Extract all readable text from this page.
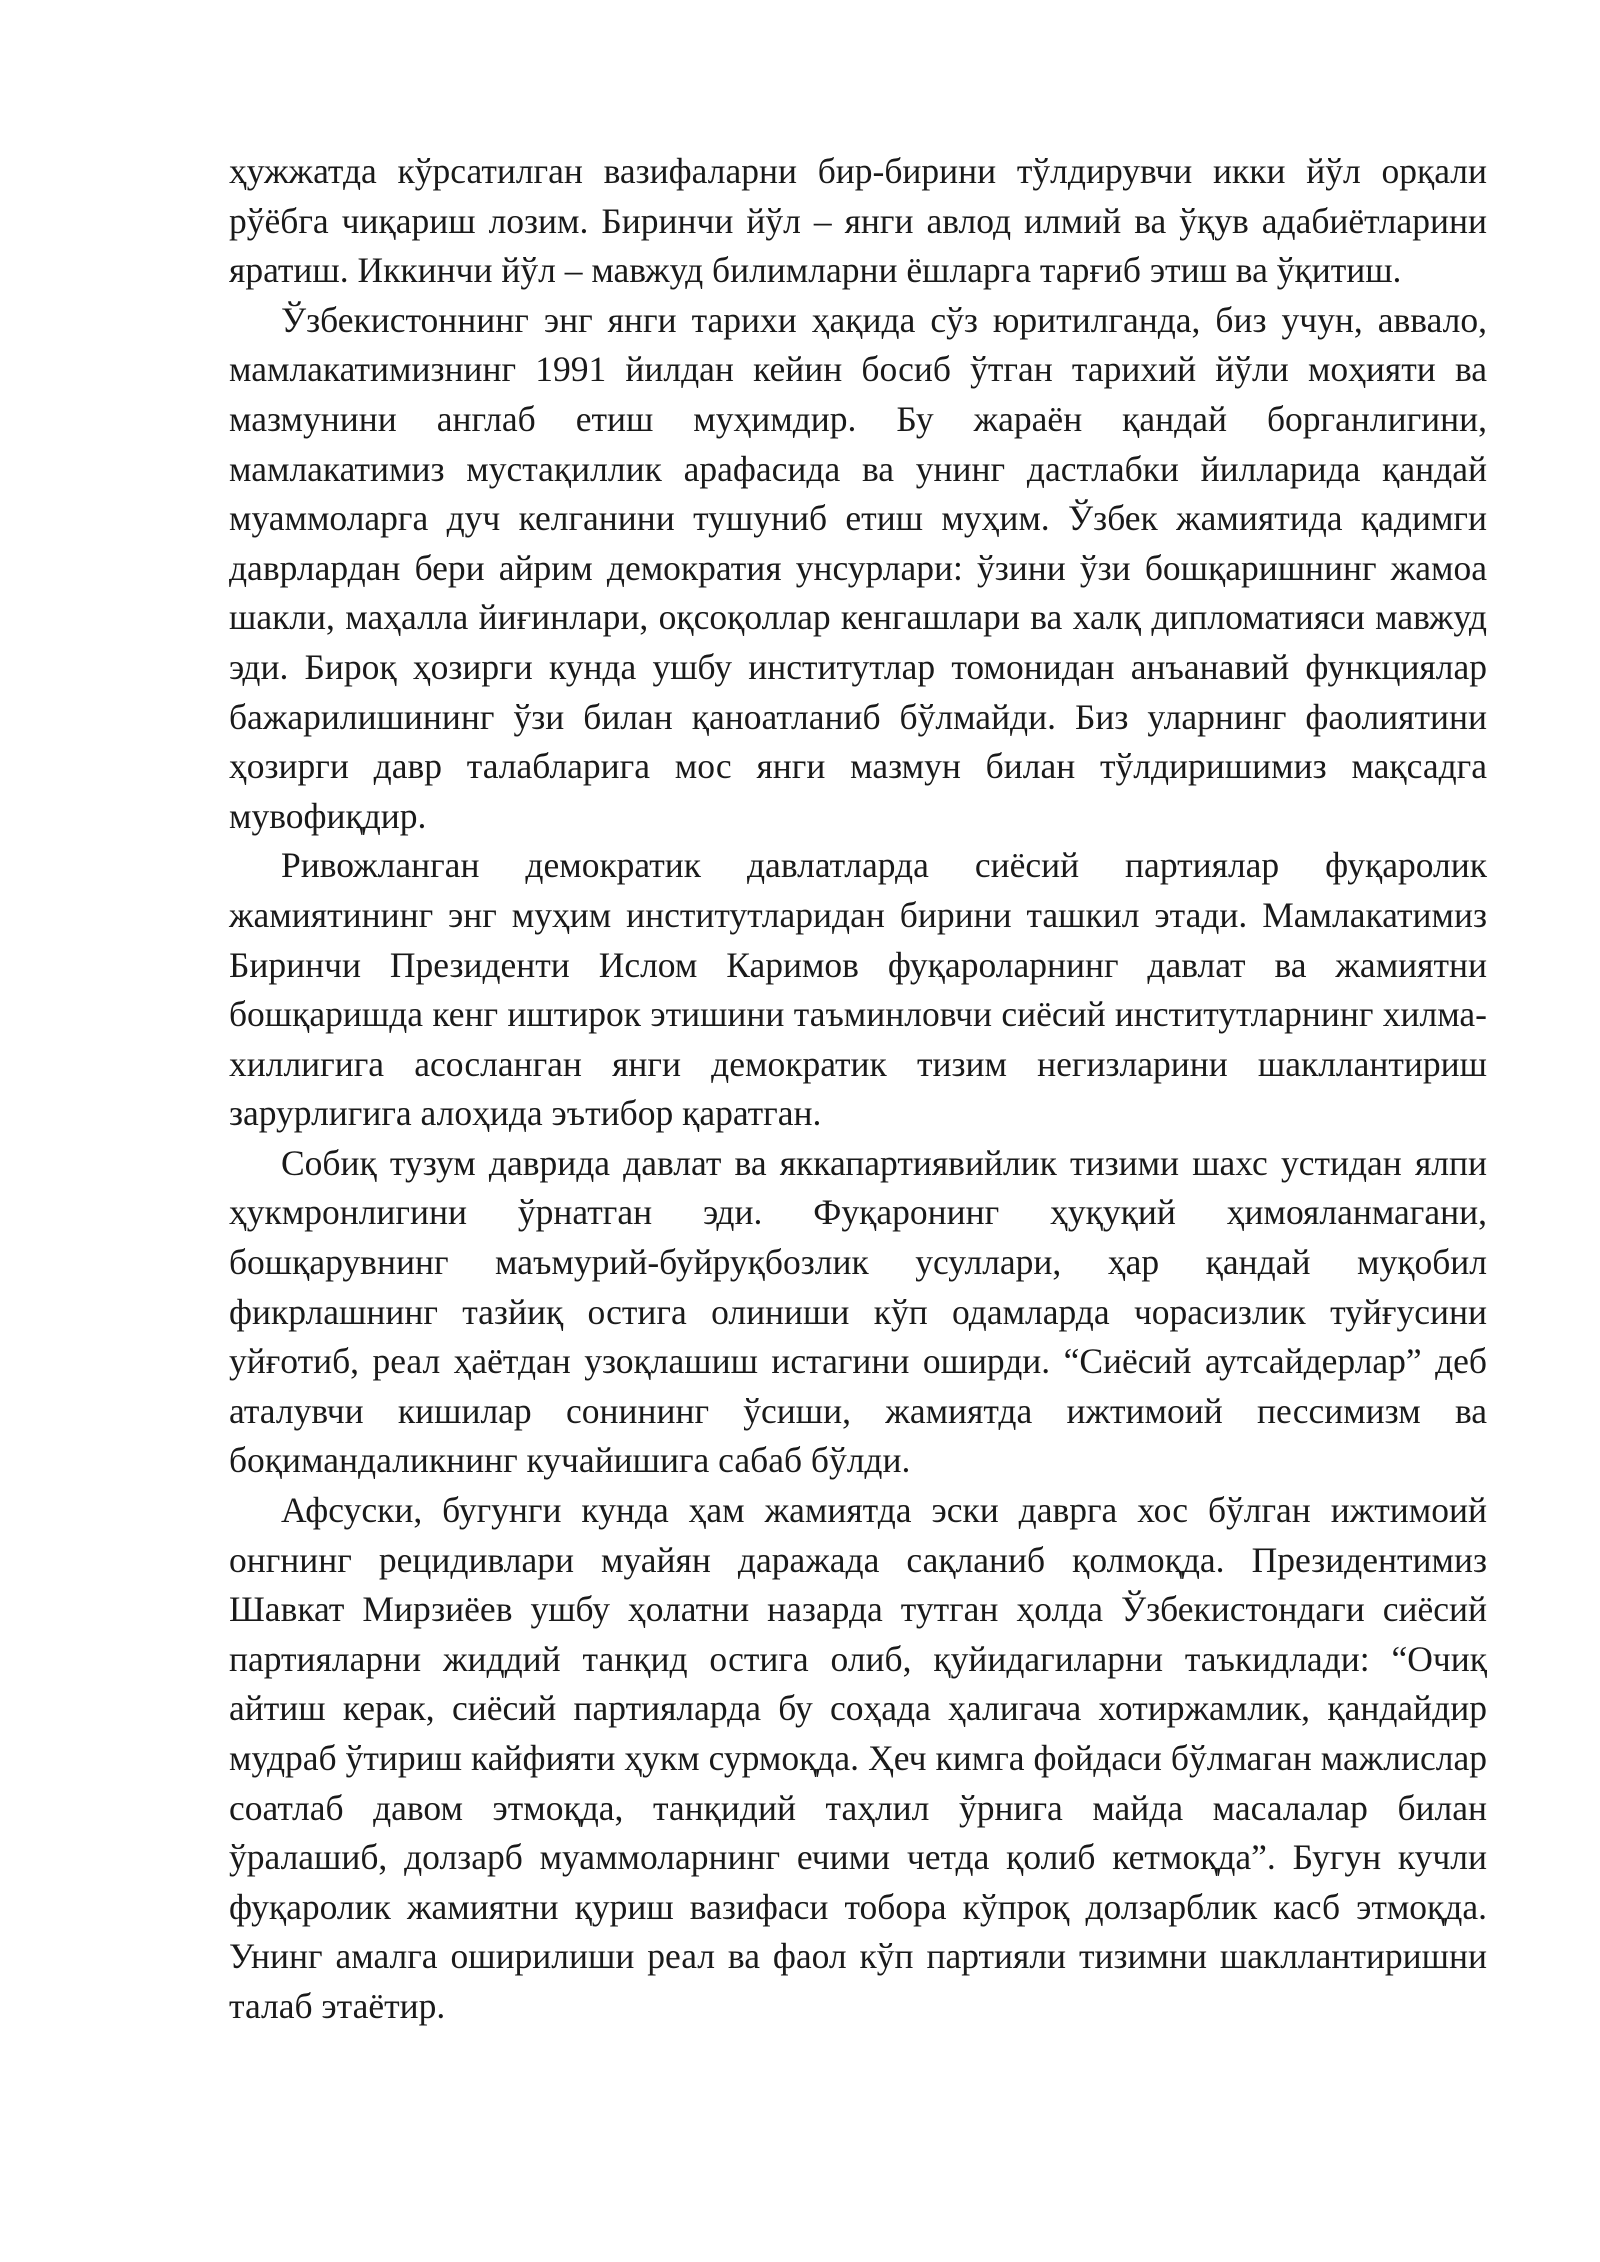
ҳужжатда кўрсатилган вазифаларни бир-бирини тўлдирувчи икки йўл орқали рўёбга чиқариш лозим. Биринчи йўл – янги авлод илмий ва ўқув адабиётларини яратиш. Иккинчи йўл – мавжуд билимларни ёшларга тарғиб этиш ва ўқитиш.

Ўзбекистоннинг энг янги тарихи ҳақида сўз юритилганда, биз учун, аввало, мамлакатимизнинг 1991 йилдан кейин босиб ўтган тарихий йўли моҳияти ва мазмунини англаб етиш муҳимдир. Бу жараён қандай борганлигини, мамлакатимиз мустақиллик арафасида ва унинг дастлабки йилларида қандай муаммоларга дуч келганини тушуниб етиш муҳим. Ўзбек жамиятида қадимги даврлардан бери айрим демократия унсурлари: ўзини ўзи бошқаришнинг жамоа шакли, маҳалла йиғинлари, оқсоқоллар кенгашлари ва халқ дипломатияси мавжуд эди. Бироқ ҳозирги кунда ушбу институтлар томонидан анъанавий функциялар бажарилишининг ўзи билан қаноатланиб бўлмайди. Биз уларнинг фаолиятини ҳозирги давр талабларига мос янги мазмун билан тўлдиришимиз мақсадга мувофиқдир.

Ривожланган демократик давлатларда сиёсий партиялар фуқаролик жамиятининг энг муҳим институтларидан бирини ташкил этади. Мамлакатимиз Биринчи Президенти Ислом Каримов фуқароларнинг давлат ва жамиятни бошқаришда кенг иштирок этишини таъминловчи сиёсий институтларнинг хилма-хиллигига асосланган янги демократик тизим негизларини шакллантириш зарурлигига алоҳида эътибор қаратган.

Собиқ тузум даврида давлат ва яккапартиявийлик тизими шахс устидан ялпи ҳукмронлигини ўрнатган эди. Фуқаронинг ҳуқуқий ҳимояланмагани, бошқарувнинг маъмурий-буйруқбозлик усуллари, ҳар қандай муқобил фикрлашнинг тазйиқ остига олиниши кўп одамларда чорасизлик туйғусини уйғотиб, реал ҳаётдан узоқлашиш истагини оширди. “Сиёсий аутсайдерлар” деб аталувчи кишилар сонининг ўсиши, жамиятда ижтимоий пессимизм ва боқимандаликнинг кучайишига сабаб бўлди.

Афсуски, бугунги кунда ҳам жамиятда эски даврга хос бўлган ижтимоий онгнинг рецидивлари муайян даражада сақланиб қолмоқда. Президентимиз Шавкат Мирзиёев ушбу ҳолатни назарда тутган ҳолда Ўзбекистондаги сиёсий партияларни жиддий танқид остига олиб, қуйидагиларни таъкидлади: “Очиқ айтиш керак, сиёсий партияларда бу соҳада ҳалигача хотиржамлик, қандайдир мудраб ўтириш кайфияти ҳукм сурмоқда. Ҳеч кимга фойдаси бўлмаган мажлислар соатлаб давом этмоқда, танқидий таҳлил ўрнига майда масалалар билан ўралашиб, долзарб муаммоларнинг ечими четда қолиб кетмоқда”. Бугун кучли фуқаролик жамиятни қуриш вазифаси тобора кўпроқ долзарблик касб этмоқда. Унинг амалга оширилиши реал ва фаол кўп партияли тизимни шакллантиришни талаб этаётир.
